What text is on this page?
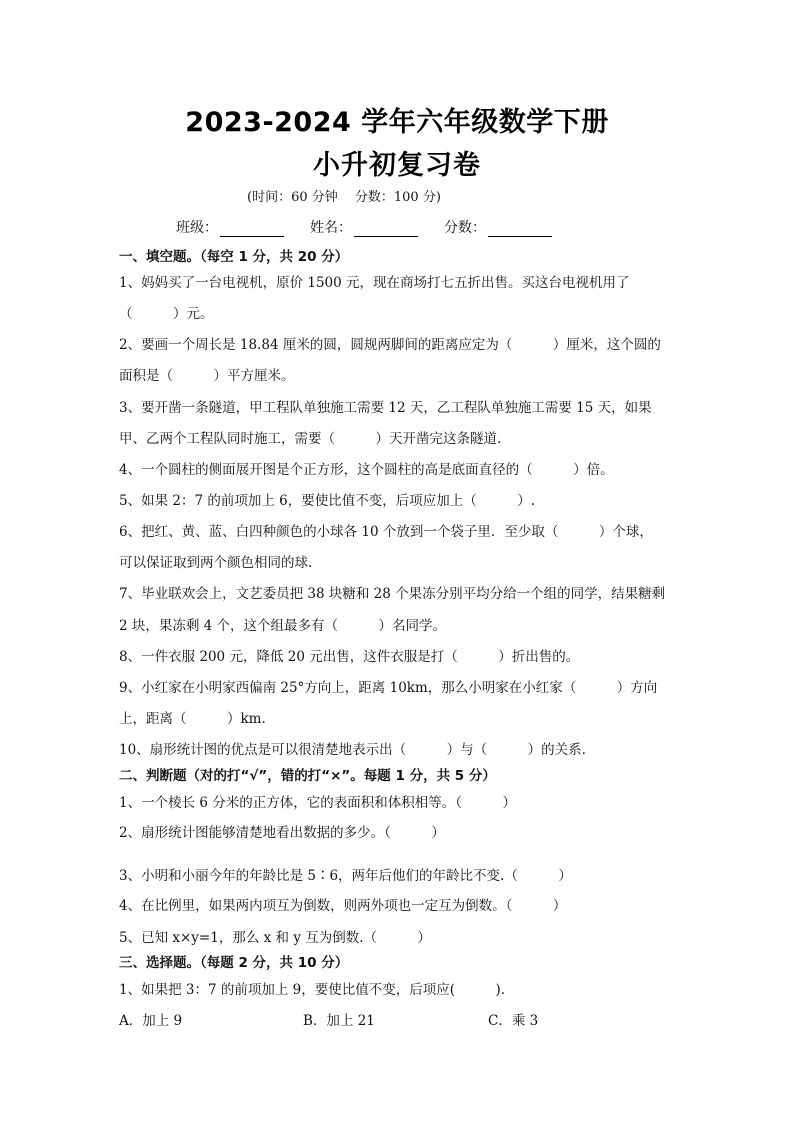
2023-2024 学年六年级数学下册
小升初复习卷
(时间：60 分钟　 分数：100 分)
班级：	姓名：	分数：
一、填空题。（每空 1 分，共 20 分）
1、妈妈买了一台电视机，原价 1500 元，现在商场打七五折出售。买这台电视机用了
（　　　）元。
2、要画一个周长是 18.84 厘米的圆，圆规两脚间的距离应定为（　　　）厘米，这个圆的
面积是（　　　）平方厘米。
3、要开凿一条隧道，甲工程队单独施工需要 12 天，乙工程队单独施工需要 15 天，如果
甲、乙两个工程队同时施工，需要（　　　）天开凿完这条隧道.
4、一个圆柱的侧面展开图是个正方形，这个圆柱的高是底面直径的（　　　）倍。
5、如果 2：7 的前项加上 6，要使比值不变，后项应加上（　　　）.
6、把红、黄、蓝、白四种颜色的小球各 10 个放到一个袋子里．至少取（　　　）个球，
可以保证取到两个颜色相同的球.
7、毕业联欢会上，文艺委员把 38 块糖和 28 个果冻分别平均分给一个组的同学，结果糖剩
2 块，果冻剩 4 个，这个组最多有（　　　）名同学。
8、一件衣服 200 元，降低 20 元出售，这件衣服是打（　　　）折出售的。
9、小红家在小明家西偏南 25°方向上，距离 10km，那么小明家在小红家（　　　）方向
上，距离（　　　）km.
10、扇形统计图的优点是可以很清楚地表示出（　　　）与（　　　）的关系.
二、判断题（对的打“√”，错的打“×”。每题 1 分，共 5 分）
1、一个棱长 6 分米的正方体，它的表面积和体积相等。（　　　）
2、扇形统计图能够清楚地看出数据的多少。（　　　）
3、小明和小丽今年的年龄比是 5∶6，两年后他们的年龄比不变.（　　　）
4、在比例里，如果两内项互为倒数，则两外项也一定互为倒数。（　　　）
5、已知 x×y=1，那么 x 和 y 互为倒数.（　　　）
三、选择题。（每题 2 分，共 10 分）
1、如果把 3：7 的前项加上 9，要使比值不变，后项应(　　　).
A．加上 9	B．加上 21	C．乘 3
